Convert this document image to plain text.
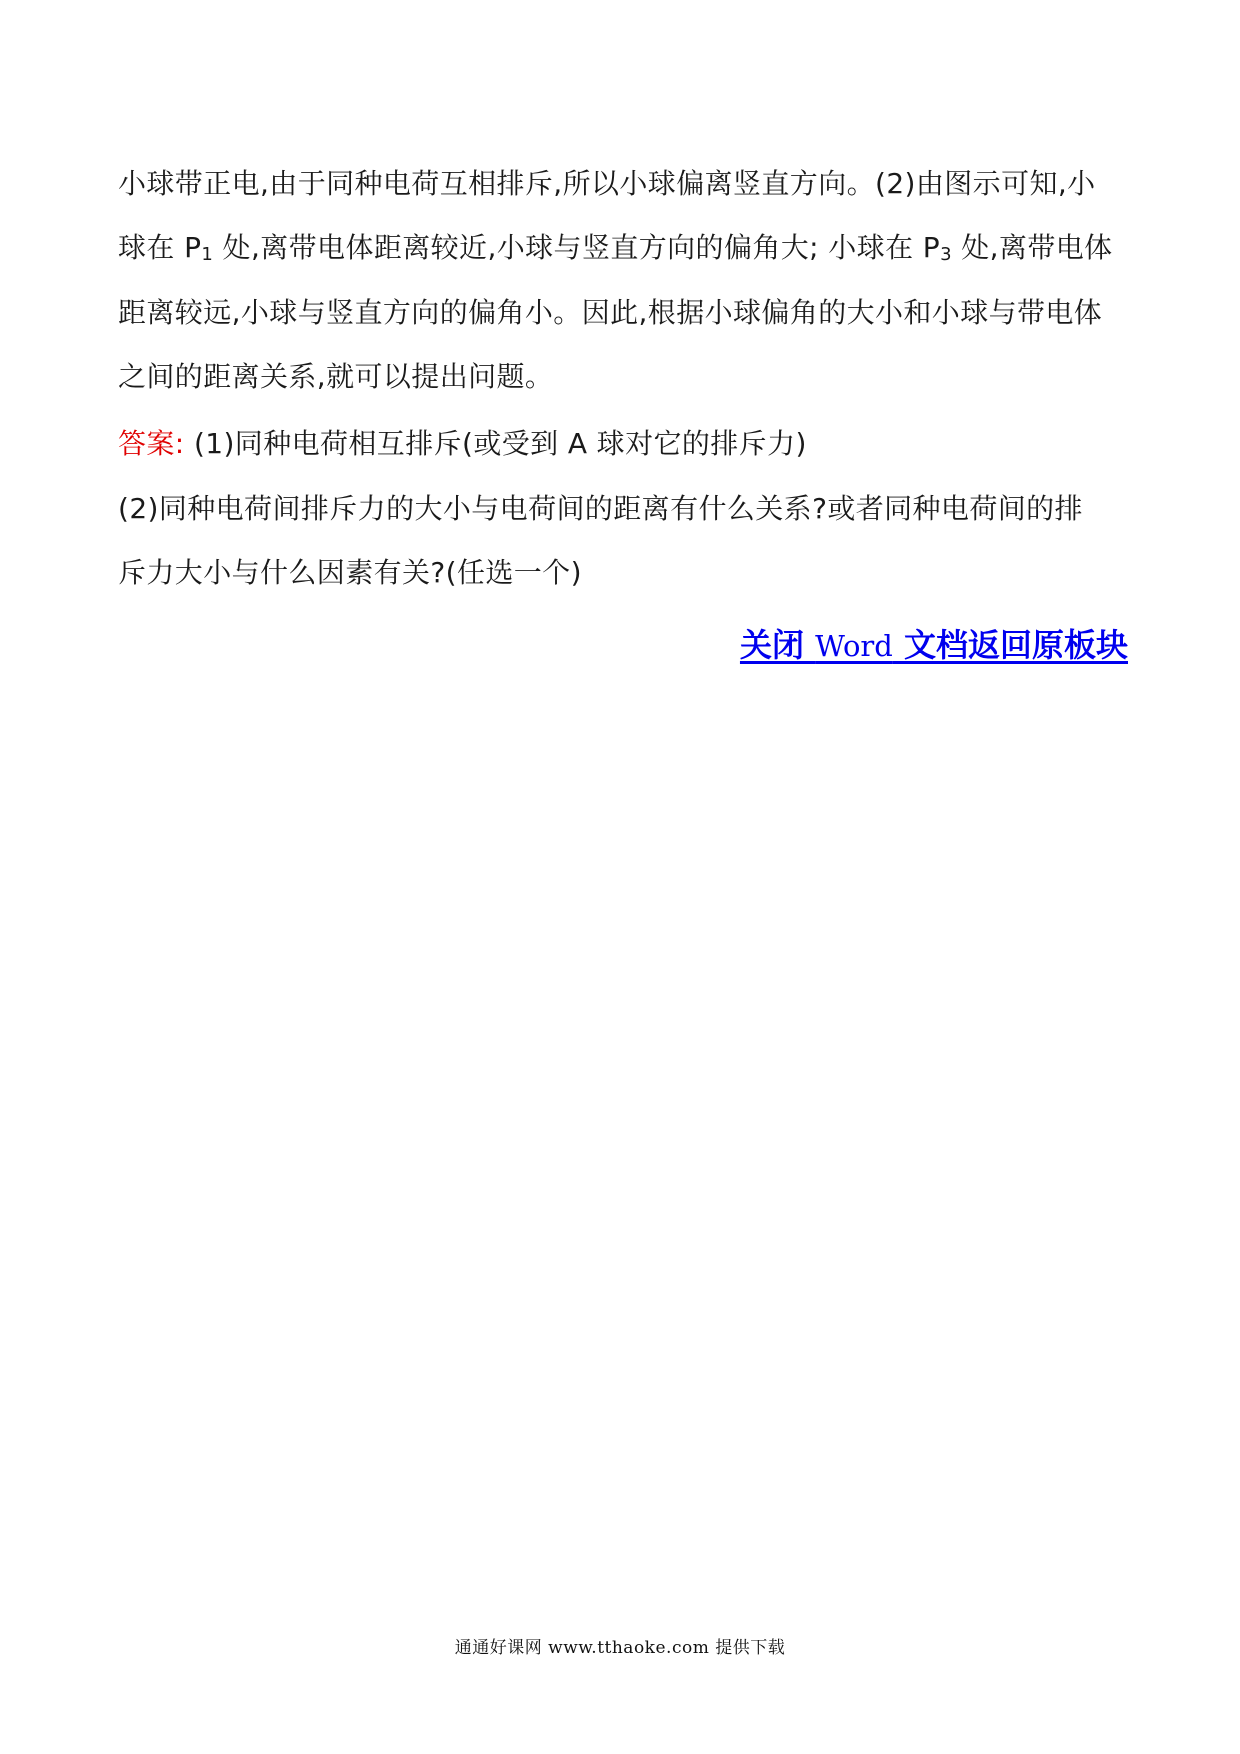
小球带正电,由于同种电荷互相排斥,所以小球偏离竖直方向。(2)由图示可知,小
球在 $P_1$ 处,离带电体距离较近,小球与竖直方向的偏角大; 小球在 $P_3$ 处,离带电体
距离较远,小球与竖直方向的偏角小。因此,根据小球偏角的大小和小球与带电体
之间的距离关系,就可以提出问题。
答案: (1)同种电荷相互排斥(或受到 A 球对它的排斥力)
(2)同种电荷间排斥力的大小与电荷间的距离有什么关系?或者同种电荷间的排
斥力大小与什么因素有关?(任选一个)
关闭 Word 文档返回原板块
通通好课网 www.tthaoke.com 提供下载
